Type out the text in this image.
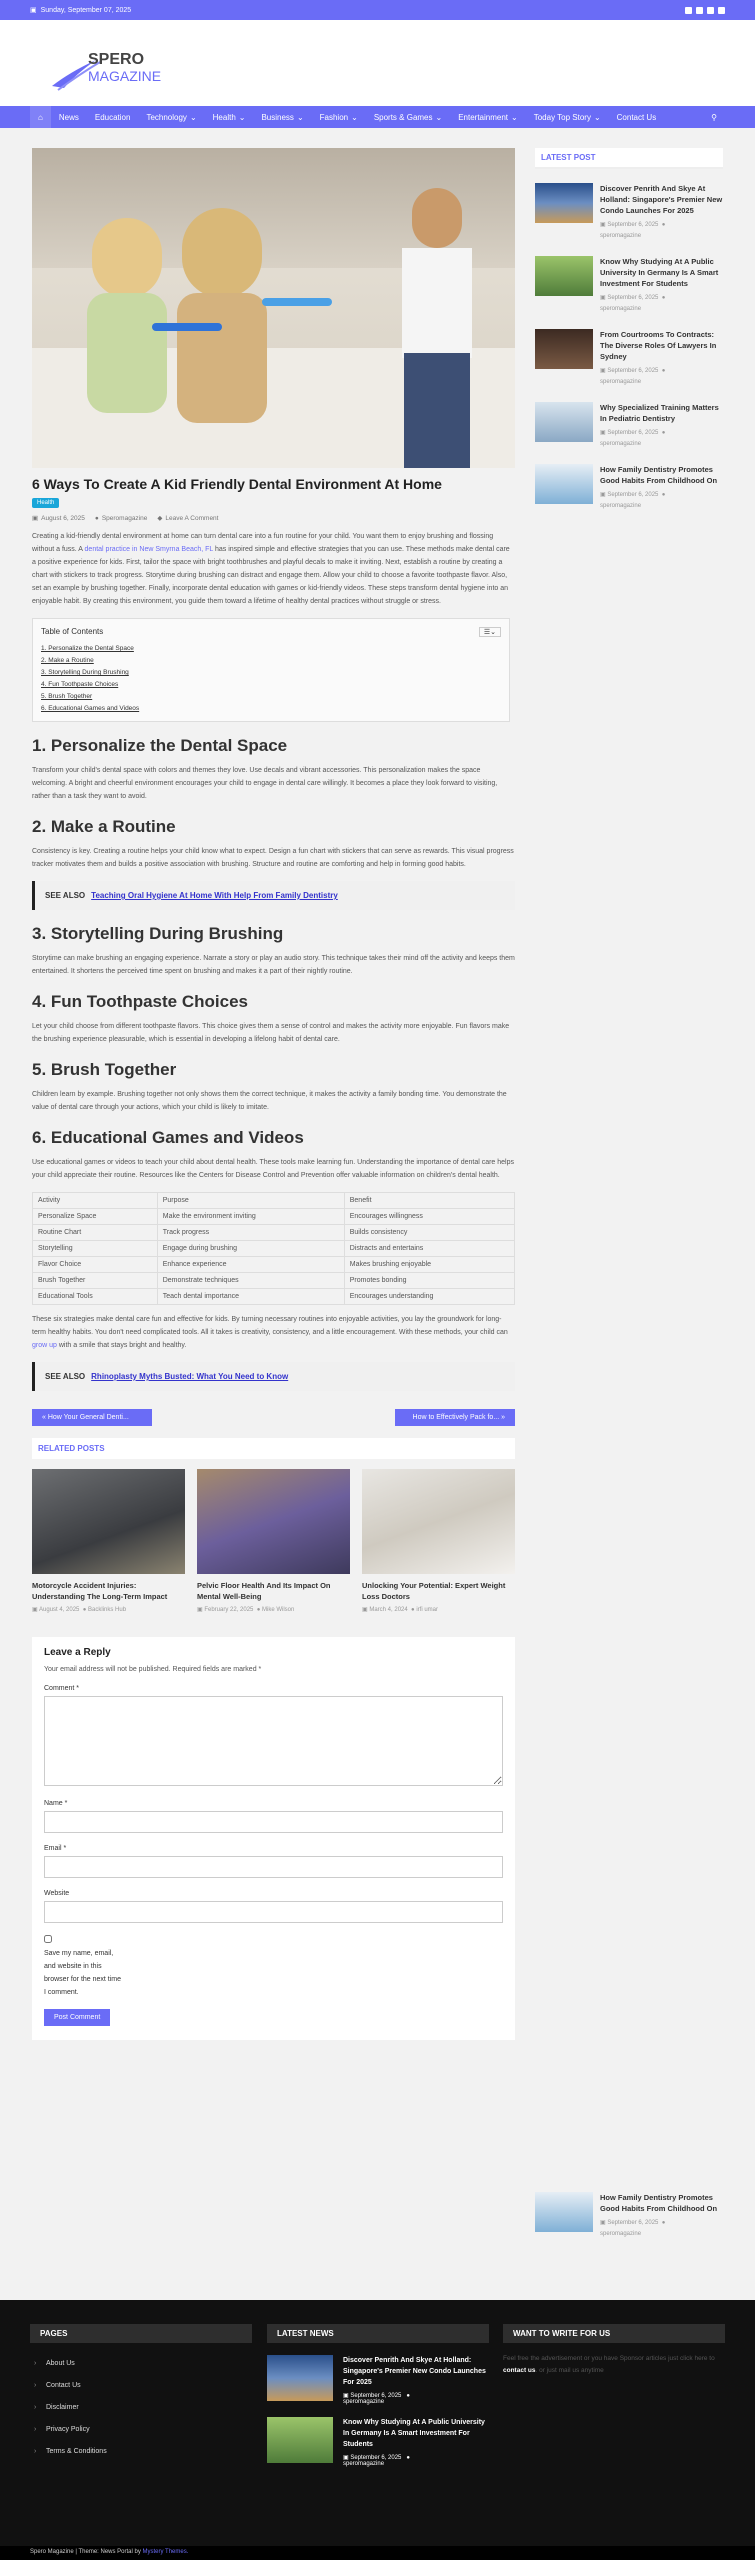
▣ Sunday, September 07, 2025
SPERO
MAGAZINE
⌂ News Education Technology ⌄ Health ⌄ Business ⌄ Fashion ⌄ Sports & Games ⌄ Entertainment ⌄ Today Top Story ⌄ Contact Us	⚲
6 Ways To Create A Kid Friendly Dental Environment At Home
Health
▣ August 6, 2025 ● Speromagazine ◆ Leave A Comment
Creating a kid-friendly dental environment at home can turn dental care into a fun routine for your child. You want them to enjoy brushing and flossing without a fuss. A dental practice in New Smyrna Beach, FL has inspired simple and effective strategies that you can use. These methods make dental care a positive experience for kids. First, tailor the space with bright toothbrushes and playful decals to make it inviting. Next, establish a routine by creating a chart with stickers to track progress. Storytime during brushing can distract and engage them. Allow your child to choose a favorite toothpaste flavor. Also, set an example by brushing together. Finally, incorporate dental education with games or kid-friendly videos. These steps transform dental hygiene into an enjoyable habit. By creating this environment, you guide them toward a lifetime of healthy dental practices without struggle or stress.
Table of Contents	☰⌄
1. Personalize the Dental Space
2. Make a Routine
3. Storytelling During Brushing
4. Fun Toothpaste Choices
5. Brush Together
6. Educational Games and Videos
1. Personalize the Dental Space
Transform your child's dental space with colors and themes they love. Use decals and vibrant accessories. This personalization makes the space welcoming. A bright and cheerful environment encourages your child to engage in dental care willingly. It becomes a place they look forward to visiting, rather than a task they want to avoid.
2. Make a Routine
Consistency is key. Creating a routine helps your child know what to expect. Design a fun chart with stickers that can serve as rewards. This visual progress tracker motivates them and builds a positive association with brushing. Structure and routine are comforting and help in forming good habits.
SEE ALSO Teaching Oral Hygiene At Home With Help From Family Dentistry
3. Storytelling During Brushing
Storytime can make brushing an engaging experience. Narrate a story or play an audio story. This technique takes their mind off the activity and keeps them entertained. It shortens the perceived time spent on brushing and makes it a part of their nightly routine.
4. Fun Toothpaste Choices
Let your child choose from different toothpaste flavors. This choice gives them a sense of control and makes the activity more enjoyable. Fun flavors make the brushing experience pleasurable, which is essential in developing a lifelong habit of dental care.
5. Brush Together
Children learn by example. Brushing together not only shows them the correct technique, it makes the activity a family bonding time. You demonstrate the value of dental care through your actions, which your child is likely to imitate.
6. Educational Games and Videos
Use educational games or videos to teach your child about dental health. These tools make learning fun. Understanding the importance of dental care helps your child appreciate their routine. Resources like the Centers for Disease Control and Prevention offer valuable information on children's dental health.
Activity	Purpose	Benefit
Personalize Space	Make the environment inviting	Encourages willingness
Routine Chart	Track progress	Builds consistency
Storytelling	Engage during brushing	Distracts and entertains
Flavor Choice	Enhance experience	Makes brushing enjoyable
Brush Together	Demonstrate techniques	Promotes bonding
Educational Tools	Teach dental importance	Encourages understanding
These six strategies make dental care fun and effective for kids. By turning necessary routines into enjoyable activities, you lay the groundwork for long-term healthy habits. You don't need complicated tools. All it takes is creativity, consistency, and a little encouragement. With these methods, your child can grow up with a smile that stays bright and healthy.
SEE ALSO Rhinoplasty Myths Busted: What You Need to Know
« How Your General Denti...	How to Effectively Pack fo... »
RELATED POSTS
Motorcycle Accident Injuries: Understanding The Long-Term Impact
▣ August 4, 2025  ● Backlinks Hub
Pelvic Floor Health And Its Impact On Mental Well-Being
▣ February 22, 2025  ● Mike Wilson
Unlocking Your Potential: Expert Weight Loss Doctors
▣ March 4, 2024  ● irfi umar
Leave a Reply
Your email address will not be published. Required fields are marked *
Comment *
Name *
Email *
Website
Save my name, email, and website in this browser for the next time I comment.
Post Comment
LATEST POST
Discover Penrith And Skye At Holland: Singapore's Premier New Condo Launches For 2025
▣ September 6, 2025  ●
speromagazine
Know Why Studying At A Public University In Germany Is A Smart Investment For Students
▣ September 6, 2025  ●
speromagazine
From Courtrooms To Contracts: The Diverse Roles Of Lawyers In Sydney
▣ September 6, 2025  ●
speromagazine
Why Specialized Training Matters In Pediatric Dentistry
▣ September 6, 2025  ●
speromagazine
How Family Dentistry Promotes Good Habits From Childhood On
▣ September 6, 2025  ●
speromagazine
How Family Dentistry Promotes Good Habits From Childhood On
▣ September 6, 2025  ●
speromagazine
PAGES
› About Us
› Contact Us
› Disclaimer
› Privacy Policy
› Terms & Conditions
LATEST NEWS
Discover Penrith And Skye At Holland: Singapore's Premier New Condo Launches For 2025
▣ September 6, 2025   ●
speromagazine
Know Why Studying At A Public University In Germany Is A Smart Investment For Students
▣ September 6, 2025   ●
speromagazine
WANT TO WRITE FOR US
Feel free the advertisement or you have Sponsor articles just click here to contact us. or just mail us anytime
Spero Magazine | Theme: News Portal by Mystery Themes.
